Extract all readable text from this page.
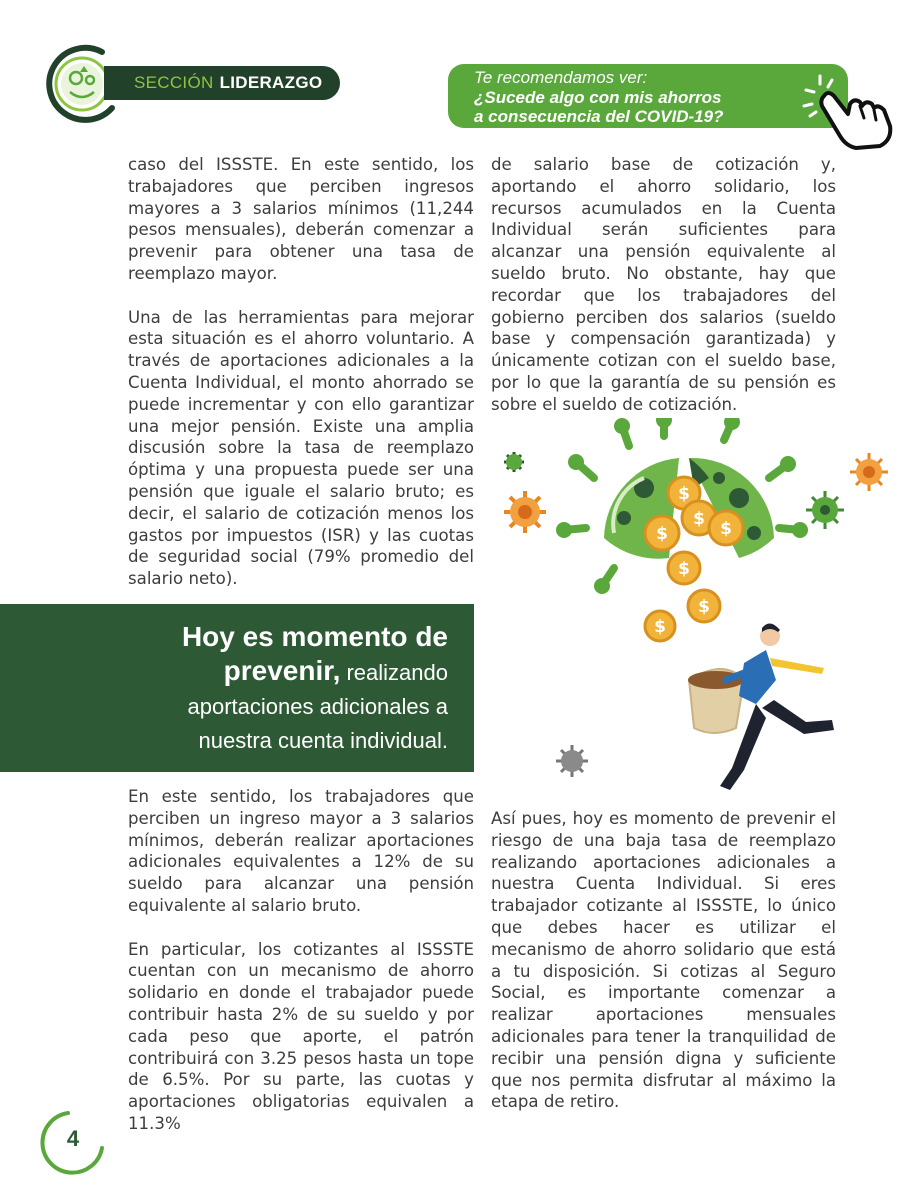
SECCIÓN LIDERAZGO	Te recomendamos ver:
¿Sucede algo con mis ahorros
a consecuencia del COVID-19?

caso del ISSSTE. En este sentido, los trabajadores que perciben ingresos mayores a 3 salarios mínimos (11,244 pesos mensuales), deberán comenzar a prevenir para obtener una tasa de reemplazo mayor.

Una de las herramientas para mejorar esta situación es el ahorro voluntario. A través de aportaciones adicionales a la Cuenta Individual, el monto ahorrado se puede incrementar y con ello garantizar una mejor pensión. Existe una amplia discusión sobre la tasa de reemplazo óptima y una propuesta puede ser una pensión que iguale el salario bruto; es decir, el salario de cotización menos los gastos por impuestos (ISR) y las cuotas de seguridad social (79% promedio del salario neto).

de salario base de cotización y, aportando el ahorro solidario, los recursos acumulados en la Cuenta Individual serán suficientes para alcanzar una pensión equivalente al sueldo bruto. No obstante, hay que recordar que los trabajadores del gobierno perciben dos salarios (sueldo base y compensación garantizada) y únicamente cotizan con el sueldo base, por lo que la garantía de su pensión es sobre el sueldo de cotización.

Hoy es momento de
prevenir, realizando
aportaciones adicionales a
nuestra cuenta individual.
$
$ $
$
$
$
$

En este sentido, los trabajadores que perciben un ingreso mayor a 3 salarios mínimos, deberán realizar aportaciones adicionales equivalentes a 12% de su sueldo para alcanzar una pensión equivalente al salario bruto.

En particular, los cotizantes al ISSSTE cuentan con un mecanismo de ahorro solidario en donde el trabajador puede contribuir hasta 2% de su sueldo y por cada peso que aporte, el patrón contribuirá con 3.25 pesos hasta un tope de 6.5%. Por su parte, las cuotas y aportaciones obligatorias equivalen a 11.3%

Así pues, hoy es momento de prevenir el riesgo de una baja tasa de reemplazo realizando aportaciones adicionales a nuestra Cuenta Individual. Si eres trabajador cotizante al ISSSTE, lo único que debes hacer es utilizar el mecanismo de ahorro solidario que está a tu disposición. Si cotizas al Seguro Social, es importante comenzar a realizar aportaciones mensuales adicionales para tener la tranquilidad de recibir una pensión digna y suficiente que nos permita disfrutar al máximo la etapa de retiro.

4
